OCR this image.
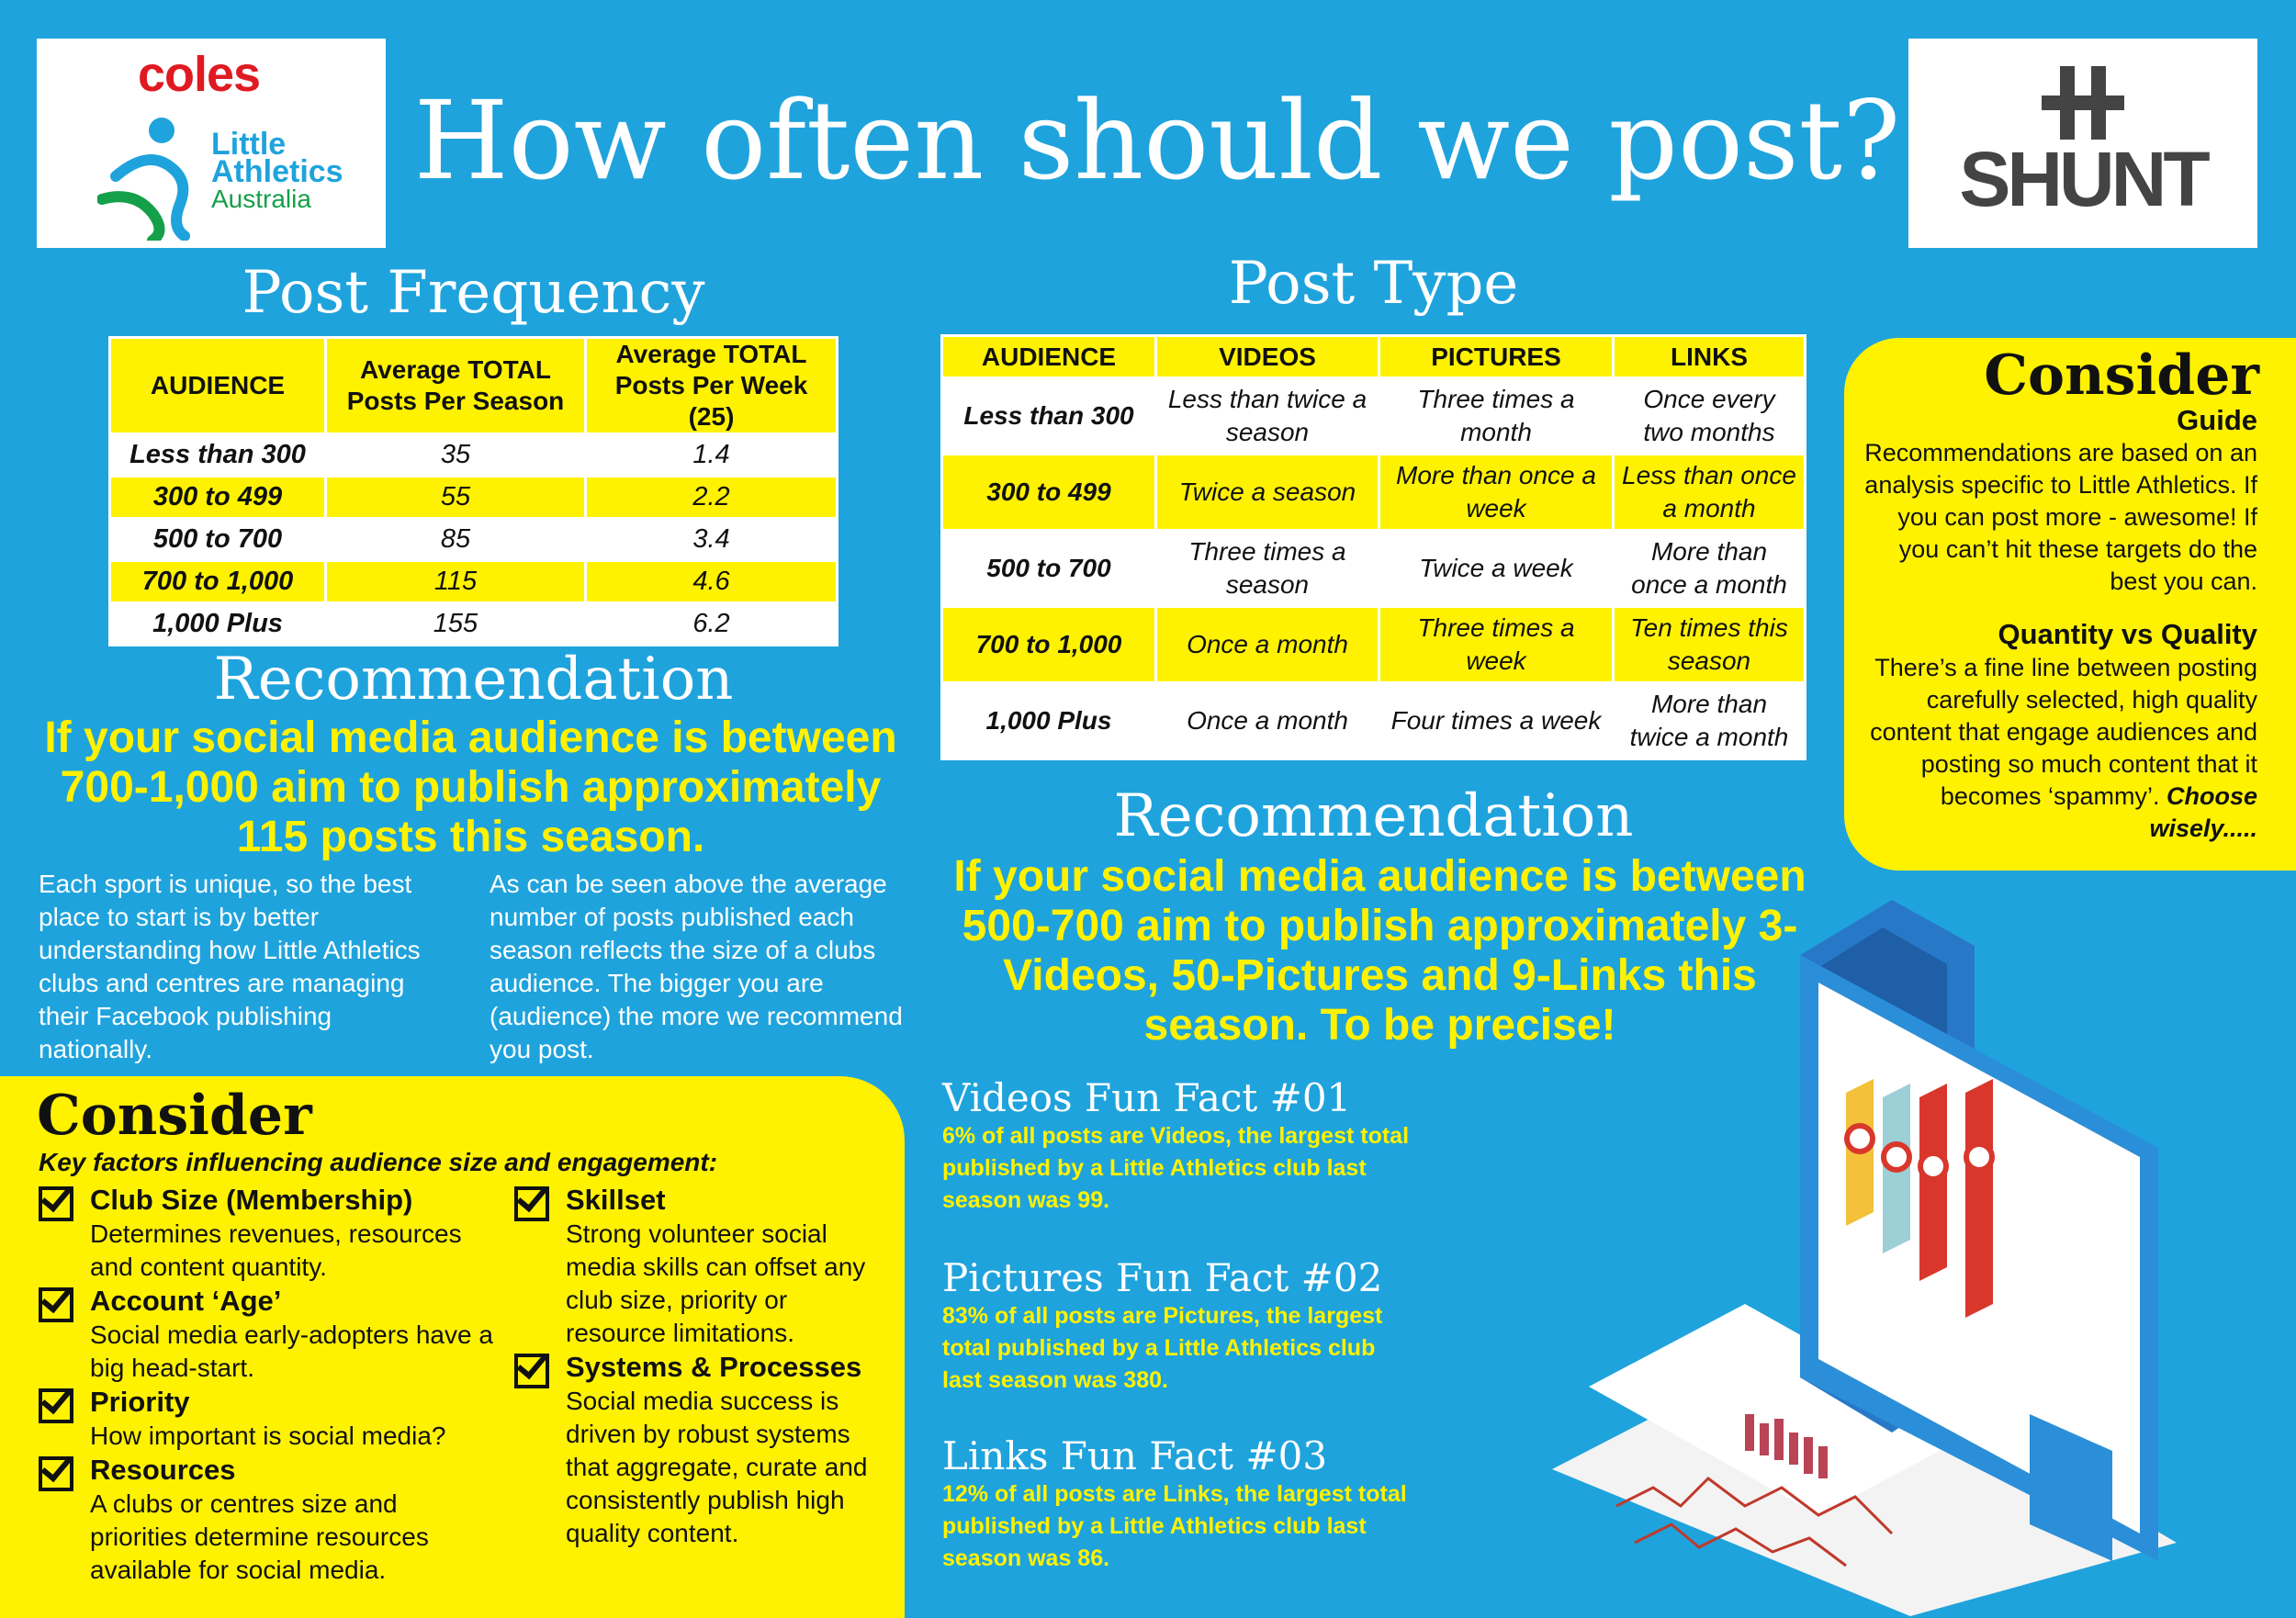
coles
Little
Athletics
Australia	SHUNT
How often should we post?
Post Frequency
AUDIENCE	Average TOTAL Posts Per Season	Average TOTAL Posts Per Week (25)
Less than 300	35	1.4
300 to 499	55	2.2
500 to 700	85	3.4
700 to 1,000	115	4.6
1,000 Plus	155	6.2
Recommendation
If your social media audience is between 700-1,000 aim to publish approximately 115 posts this season.
Each sport is unique, so the best place to start is by better understanding how Little Athletics clubs and centres are managing their Facebook publishing nationally.
As can be seen above the average number of posts published each season reflects the size of a clubs audience. The bigger you are (audience) the more we recommend you post.
Post Type
AUDIENCE	VIDEOS	PICTURES	LINKS
Less than 300	Less than twice a season	Three times a month	Once every two months
300 to 499	Twice a season	More than once a week	Less than once a month
500 to 700	Three times a season	Twice a week	More than once a month
700 to 1,000	Once a month	Three times a week	Ten times this season
1,000 Plus	Once a month	Four times a week	More than twice a month
Recommendation
If your social media audience is between 500-700 aim to publish approximately 3-Videos, 50-Pictures and 9-Links this season. To be precise!
Consider
Guide
Recommendations are based on an analysis specific to Little Athletics. If you can post more - awesome! If you can’t hit these targets do the best you can.
Quantity vs Quality
There’s a fine line between posting carefully selected, high quality content that engage audiences and posting so much content that it becomes ‘spammy’. Choose wisely.....
Consider
Key factors influencing audience size and engagement:
Club Size (Membership)
Determines revenues, resources and content quantity.
Account ‘Age’
Social media early-adopters have a big head-start.
Priority
How important is social media?
Resources
A clubs or centres size and priorities determine resources available for social media.
Skillset
Strong volunteer social media skills can offset any club size, priority or resource limitations.
Systems & Processes
Social media success is driven by robust systems that aggregate, curate and consistently publish high quality content.
Videos Fun Fact #01
6% of all posts are Videos, the largest total published by a Little Athletics club last season was 99.
Pictures Fun Fact #02
83% of all posts are Pictures, the largest total published by a Little Athletics club last season was 380.
Links Fun Fact #03
12% of all posts are Links, the largest total published by a Little Athletics club last season was 86.
